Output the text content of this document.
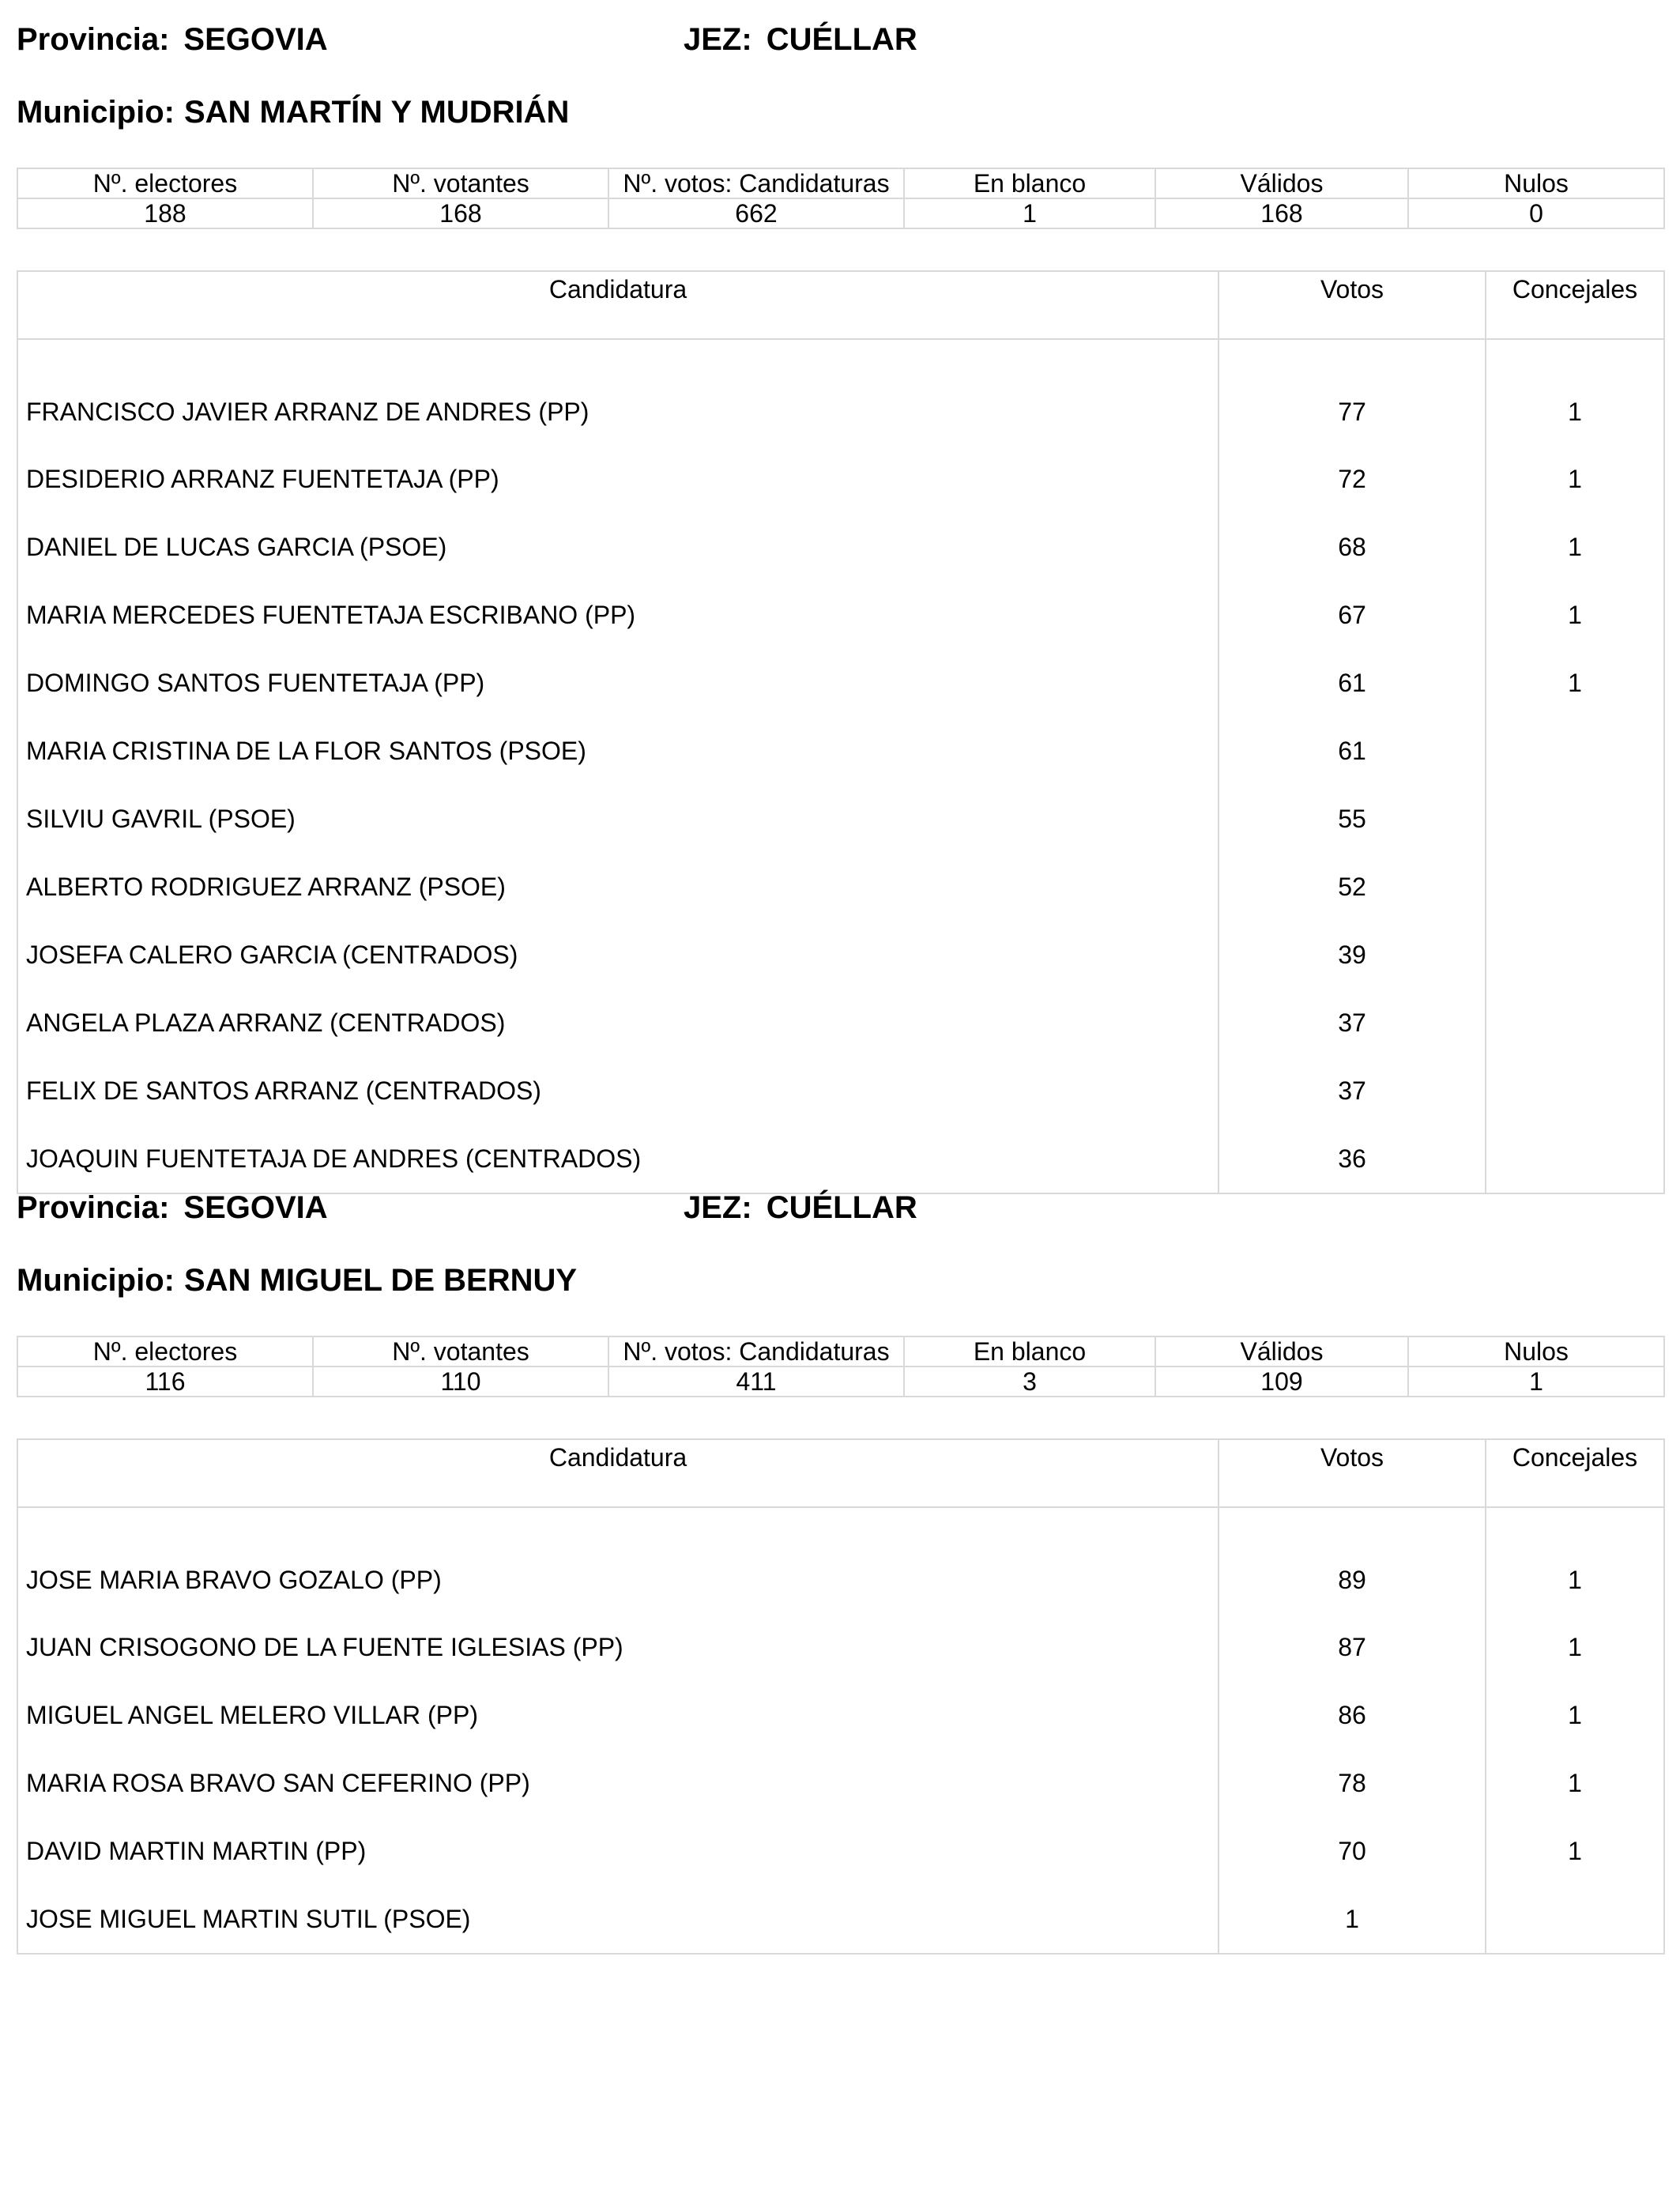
Provincia: SEGOVIA	JEZ: CUÉLLAR
Municipio: SAN MARTÍN Y MUDRIÁN
Nº. electores	Nº. votantes	Nº. votos: Candidaturas	En blanco	Válidos	Nulos
188	168	662	1	168	0
Candidatura	Votos	Concejales
FRANCISCO JAVIER ARRANZ DE ANDRES (PP)	77	1
DESIDERIO ARRANZ FUENTETAJA (PP)	72	1
DANIEL DE LUCAS GARCIA (PSOE)	68	1
MARIA MERCEDES FUENTETAJA ESCRIBANO (PP)	67	1
DOMINGO SANTOS FUENTETAJA (PP)	61	1
MARIA CRISTINA DE LA FLOR SANTOS (PSOE)	61	
SILVIU GAVRIL (PSOE)	55	
ALBERTO RODRIGUEZ ARRANZ (PSOE)	52	
JOSEFA CALERO GARCIA (CENTRADOS)	39	
ANGELA PLAZA ARRANZ (CENTRADOS)	37	
FELIX DE SANTOS ARRANZ (CENTRADOS)	37	
JOAQUIN FUENTETAJA DE ANDRES (CENTRADOS)	36	
Provincia: SEGOVIA	JEZ: CUÉLLAR
Municipio: SAN MIGUEL DE BERNUY
Nº. electores	Nº. votantes	Nº. votos: Candidaturas	En blanco	Válidos	Nulos
116	110	411	3	109	1
Candidatura	Votos	Concejales
JOSE MARIA BRAVO GOZALO (PP)	89	1
JUAN CRISOGONO DE LA FUENTE IGLESIAS (PP)	87	1
MIGUEL ANGEL MELERO VILLAR (PP)	86	1
MARIA ROSA BRAVO SAN CEFERINO (PP)	78	1
DAVID MARTIN MARTIN (PP)	70	1
JOSE MIGUEL MARTIN SUTIL (PSOE)	1	
